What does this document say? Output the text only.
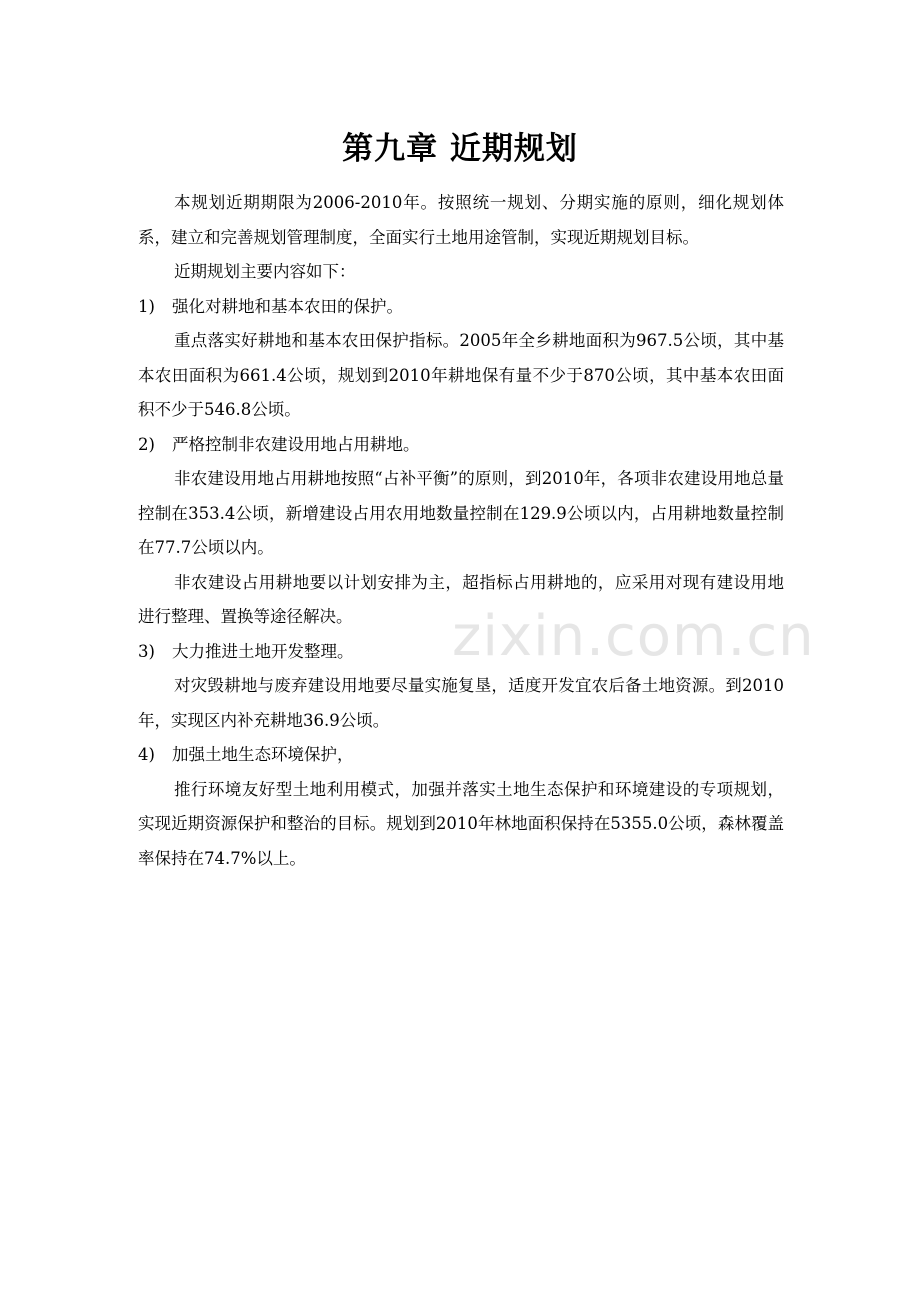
第九章 近期规划

本规划近期期限为2006-2010年。按照统一规划、分期实施的原则，细化规划体系，建立和完善规划管理制度，全面实行土地用途管制，实现近期规划目标。

近期规划主要内容如下：

1)	强化对耕地和基本农田的保护。

重点落实好耕地和基本农田保护指标。2005年全乡耕地面积为967.5公顷，其中基本农田面积为661.4公顷，规划到2010年耕地保有量不少于870公顷，其中基本农田面积不少于546.8公顷。

2)	严格控制非农建设用地占用耕地。

非农建设用地占用耕地按照“占补平衡”的原则，到2010年，各项非农建设用地总量控制在353.4公顷，新增建设占用农用地数量控制在129.9公顷以内，占用耕地数量控制在77.7公顷以内。

非农建设占用耕地要以计划安排为主，超指标占用耕地的，应采用对现有建设用地进行整理、置换等途径解决。

3)	大力推进土地开发整理。

对灾毁耕地与废弃建设用地要尽量实施复垦，适度开发宜农后备土地资源。到2010年，实现区内补充耕地36.9公顷。

4)	加强土地生态环境保护，

推行环境友好型土地利用模式，加强并落实土地生态保护和环境建设的专项规划，实现近期资源保护和整治的目标。规划到2010年林地面积保持在5355.0公顷，森林覆盖率保持在74.7%以上。

zixin.com.cn
